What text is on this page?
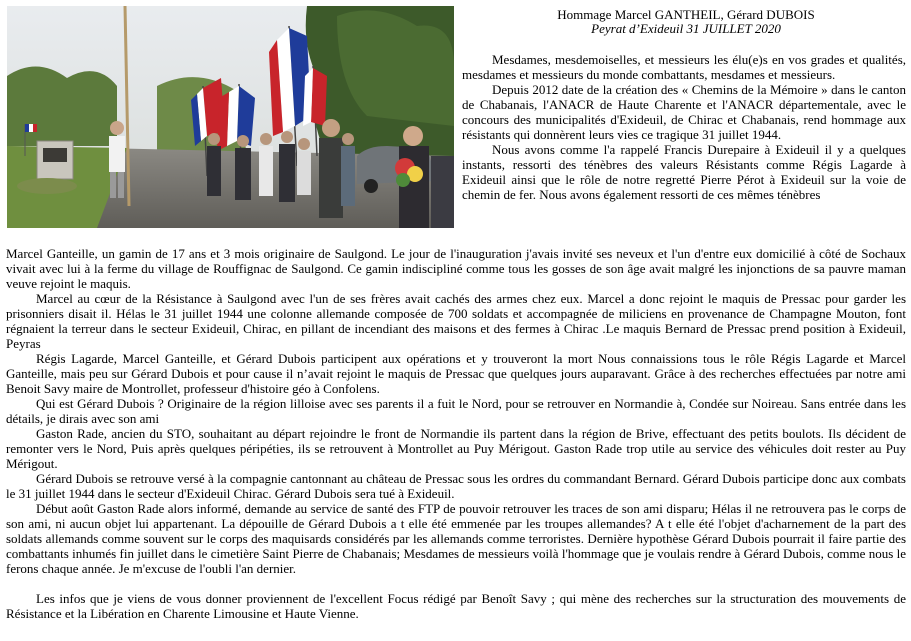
Hommage Marcel GANTHEIL, Gérard DUBOIS
Peyrat d’Exideuil 31 JUILLET 2020

Mesdames, mesdemoiselles, et messieurs les élu(e)s en vos grades et qualités, mesdames et messieurs du monde combattants, mesdames et messieurs.

Depuis 2012 date de la création des « Chemins de la Mémoire » dans le canton de Chabanais, l'ANACR de Haute Charente et l'ANACR départementale, avec le concours des municipalités d'Exideuil, de Chirac et Chabanais, rend hommage aux résistants qui donnèrent leurs vies ce tragique 31 juillet 1944.

Nous avons comme l'a rappelé Francis Durepaire à Exideuil il y a quelques instants, ressorti des ténèbres des valeurs Résistants comme Régis Lagarde à Exideuil ainsi que le rôle de notre regretté Pierre Pérot à Exideuil sur la voie de chemin de fer. Nous avons également ressorti de ces mêmes ténèbres

Marcel Ganteille, un gamin de 17 ans et 3 mois originaire de Saulgond. Le jour de l'inauguration j'avais invité ses neveux et l'un d'entre eux domicilié à côté de Sochaux vivait avec lui à la ferme du village de Rouffignac de Saulgond. Ce gamin indiscipliné comme tous les gosses de son âge avait malgré les injonctions de sa pauvre maman veuve rejoint le maquis.

Marcel au cœur de la Résistance à Saulgond avec l'un de ses frères avait cachés des armes chez eux. Marcel a donc rejoint le maquis de Pressac pour garder les prisonniers disait il. Hélas le 31 juillet 1944 une colonne allemande composée de 700 soldats et accompagnée de miliciens en provenance de Champagne Mouton, font régnaient la terreur dans le secteur Exideuil, Chirac, en pillant de incendiant des maisons et des fermes à Chirac .Le maquis Bernard de Pressac prend position à Exideuil, Peyras

Régis Lagarde, Marcel Ganteille, et Gérard Dubois participent aux opérations et y trouveront la mort Nous connaissions tous le rôle Régis Lagarde et Marcel Ganteille, mais peu sur Gérard Dubois et pour cause il n’avait rejoint le maquis de Pressac que quelques jours auparavant. Grâce à des recherches effectuées par notre ami Benoit Savy maire de Montrollet, professeur d'histoire géo à Confolens.

Qui est Gérard Dubois ? Originaire de la région lilloise avec ses parents il a fuit le Nord, pour se retrouver en Normandie à, Condée sur Noireau. Sans entrée dans les détails, je dirais avec son ami

Gaston Rade, ancien du STO, souhaitant au départ rejoindre le front de Normandie ils partent dans la région de Brive, effectuant des petits boulots. Ils décident de remonter vers le Nord, Puis après quelques péripéties, ils se retrouvent à Montrollet au Puy Mérigout. Gaston Rade trop utile au service des véhicules doit rester au Puy Mérigout.

Gérard Dubois se retrouve versé à la compagnie cantonnant au château de Pressac sous les ordres du commandant Bernard. Gérard Dubois participe donc aux combats le 31 juillet 1944 dans le secteur d'Exideuil Chirac. Gérard Dubois sera tué à Exideuil.

Début août Gaston Rade alors informé, demande au service de santé des FTP de pouvoir retrouver les traces de son ami disparu; Hélas il ne retrouvera pas le corps de son ami, ni aucun objet lui appartenant. La dépouille de Gérard Dubois a t elle été emmenée par les troupes allemandes? A t elle été l'objet d'acharnement de la part des soldats allemands comme souvent sur le corps des maquisards considérés par les allemands comme terroristes. Dernière hypothèse Gérard Dubois pourrait il faire partie des combattants inhumés fin juillet dans le cimetière Saint Pierre de Chabanais; Mesdames de messieurs voilà l'hommage que je voulais rendre à Gérard Dubois, comme nous le ferons chaque année. Je m'excuse de l'oubli l'an dernier.

Les infos que je viens de vous donner proviennent de l'excellent Focus rédigé par Benoît Savy ; qui mène des recherches sur la structuration des mouvements de Résistance et la Libération en Charente Limousine et Haute Vienne.
